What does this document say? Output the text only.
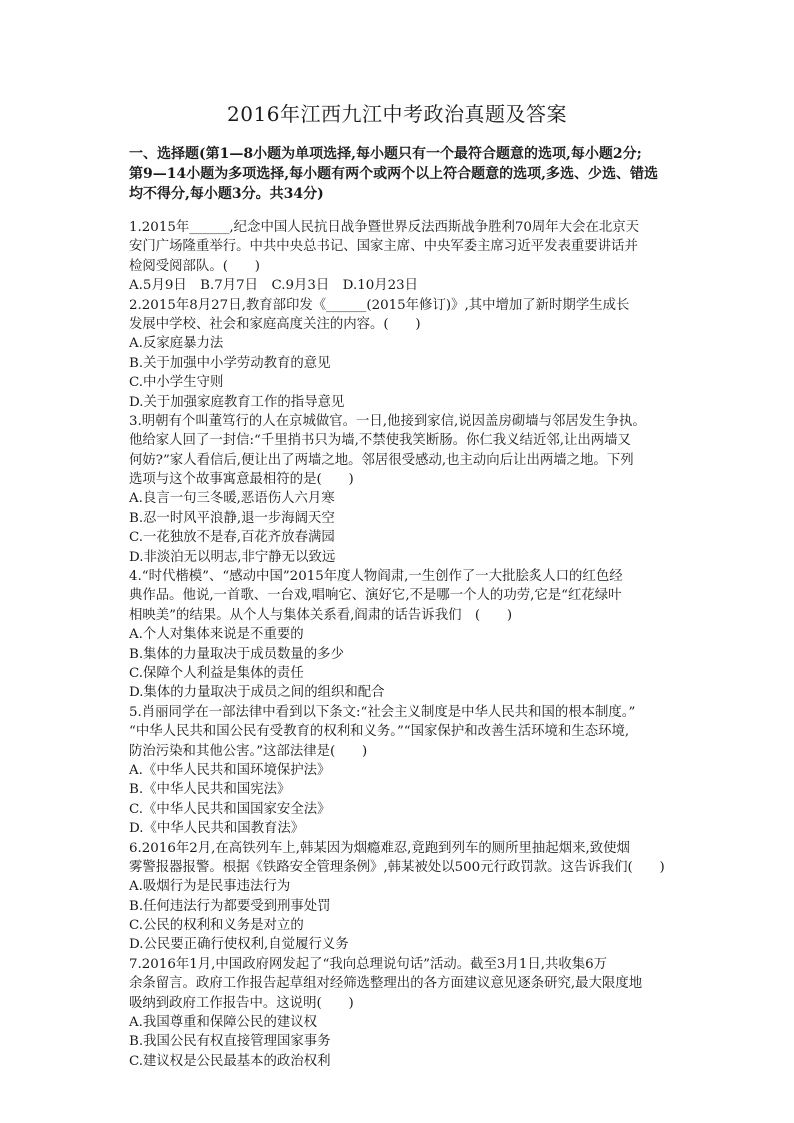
2016年江西九江中考政治真题及答案
一、选择题(第1—8小题为单项选择,每小题只有一个最符合题意的选项,每小题2分;
第9—14小题为多项选择,每小题有两个或两个以上符合题意的选项,多选、少选、错选
均不得分,每小题3分。共34分)
1.2015年______,纪念中国人民抗日战争暨世界反法西斯战争胜利70周年大会在北京天
安门广场隆重举行。中共中央总书记、国家主席、中央军委主席习近平发表重要讲话并
检阅受阅部队。(　　)
A.5月9日　B.7月7日　C.9月3日　D.10月23日
2.2015年8月27日,教育部印发《______(2015年修订)》,其中增加了新时期学生成长
发展中学校、社会和家庭高度关注的内容。(　　)
A.反家庭暴力法
B.关于加强中小学劳动教育的意见
C.中小学生守则
D.关于加强家庭教育工作的指导意见
3.明朝有个叫董笃行的人在京城做官。一日,他接到家信,说因盖房砌墙与邻居发生争执。
他给家人回了一封信:“千里捎书只为墙,不禁使我笑断肠。你仁我义结近邻,让出两墙又
何妨?”家人看信后,便让出了两墙之地。邻居很受感动,也主动向后让出两墙之地。下列
选项与这个故事寓意最相符的是(　　)
A.良言一句三冬暖,恶语伤人六月寒
B.忍一时风平浪静,退一步海阔天空
C.一花独放不是春,百花齐放春满园
D.非淡泊无以明志,非宁静无以致远
4.“时代楷模”、“感动中国”2015年度人物阎肃,一生创作了一大批脍炙人口的红色经
典作品。他说,一首歌、一台戏,唱响它、演好它,不是哪一个人的功劳,它是“红花绿叶
相映美”的结果。从个人与集体关系看,阎肃的话告诉我们　(　　)
A.个人对集体来说是不重要的
B.集体的力量取决于成员数量的多少
C.保障个人利益是集体的责任
D.集体的力量取决于成员之间的组织和配合
5.肖丽同学在一部法律中看到以下条文:“社会主义制度是中华人民共和国的根本制度。”
“中华人民共和国公民有受教育的权利和义务。”“国家保护和改善生活环境和生态环境,
防治污染和其他公害。”这部法律是(　　)
A.《中华人民共和国环境保护法》
B.《中华人民共和国宪法》
C.《中华人民共和国国家安全法》
D.《中华人民共和国教育法》
6.2016年2月,在高铁列车上,韩某因为烟瘾难忍,竟跑到列车的厕所里抽起烟来,致使烟
雾警报器报警。根据《铁路安全管理条例》,韩某被处以500元行政罚款。这告诉我们(　　)
A.吸烟行为是民事违法行为
B.任何违法行为都要受到刑事处罚
C.公民的权利和义务是对立的
D.公民要正确行使权利,自觉履行义务
7.2016年1月,中国政府网发起了“我向总理说句话”活动。截至3月1日,共收集6万
余条留言。政府工作报告起草组对经筛选整理出的各方面建议意见逐条研究,最大限度地
吸纳到政府工作报告中。这说明(　　)
A.我国尊重和保障公民的建议权
B.我国公民有权直接管理国家事务
C.建议权是公民最基本的政治权利
